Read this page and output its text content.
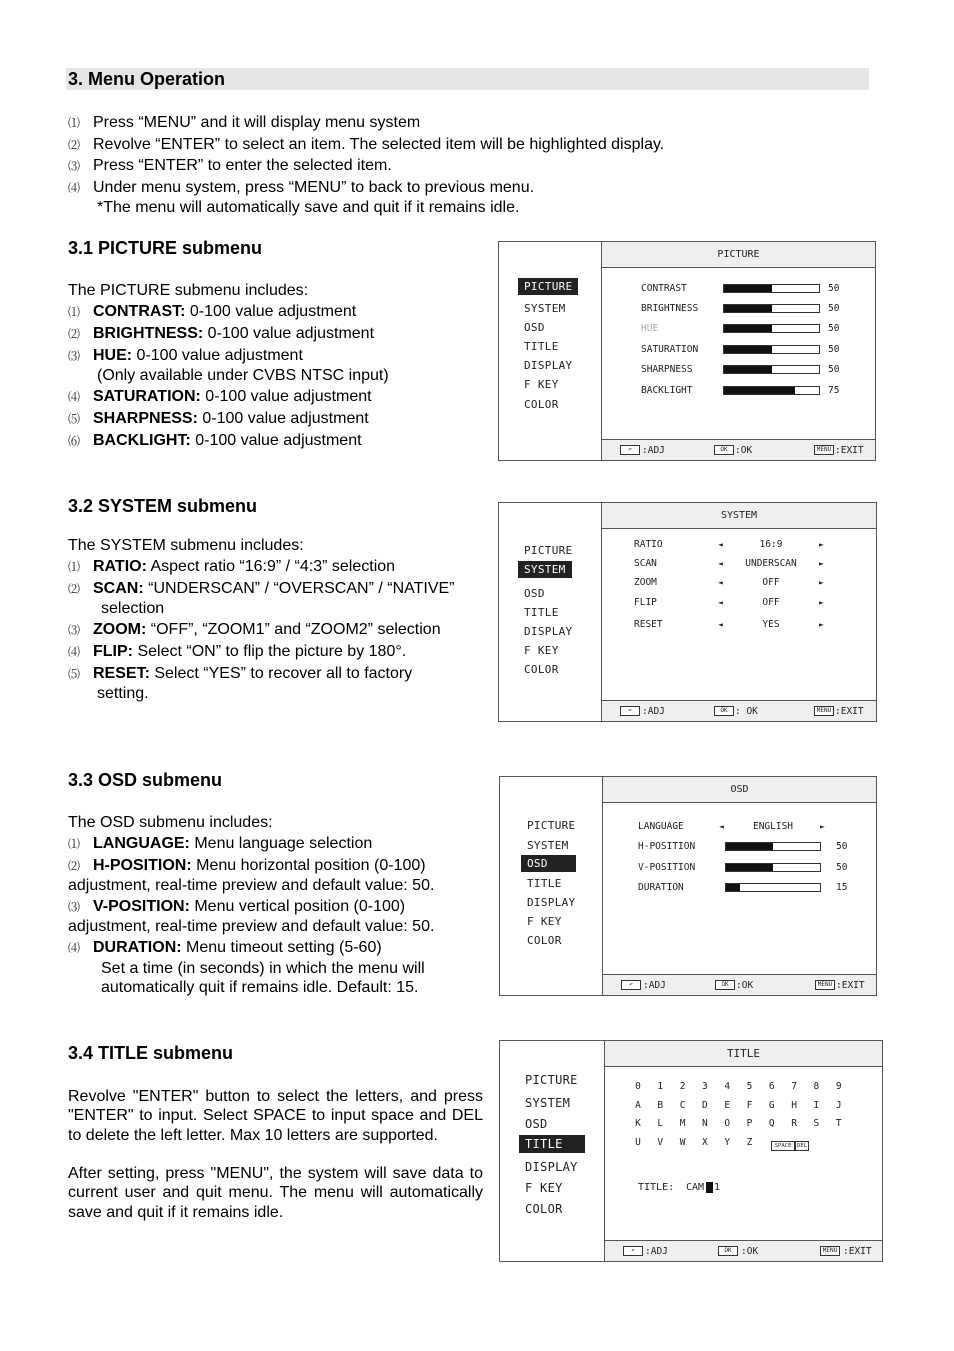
3. Menu Operation
⑴ Press “MENU” and it will display menu system
⑵ Revolve “ENTER” to select an item. The selected item will be highlighted display.
⑶ Press “ENTER” to enter the selected item.
⑷ Under menu system, press “MENU” to back to previous menu.
*The menu will automatically save and quit if it remains idle.
3.1 PICTURE submenu
The PICTURE submenu includes:
⑴ CONTRAST: 0-100 value adjustment
⑵ BRIGHTNESS: 0-100 value adjustment
⑶ HUE: 0-100 value adjustment
(Only available under CVBS NTSC input)
⑷ SATURATION: 0-100 value adjustment
⑸ SHARPNESS: 0-100 value adjustment
⑹ BACKLIGHT: 0-100 value adjustment
PICTURE
SYSTEM
OSD
TITLE
DISPLAY
F KEY
COLOR
PICTURE
CONTRAST	50
BRIGHTNESS	50
HUE	50
SATURATION	50
SHARPNESS	50
BACKLIGHT	75
↶	:ADJ	OK :OK	MENU :EXIT
3.2 SYSTEM submenu
The SYSTEM submenu includes:
⑴ RATIO: Aspect ratio “16:9” / “4:3” selection
⑵ SCAN: “UNDERSCAN” / “OVERSCAN” / “NATIVE”
selection
⑶ ZOOM: “OFF”, “ZOOM1” and “ZOOM2” selection
⑷ FLIP: Select “ON” to flip the picture by 180°.
⑸ RESET: Select “YES” to recover all to factory
setting.
PICTURE
SYSTEM
OSD
TITLE
DISPLAY
F KEY
COLOR
SYSTEM
RATIO	◄	16:9	►
SCAN	◄	UNDERSCAN	►
ZOOM	◄	OFF	►
FLIP	◄	OFF	►
RESET	◄	YES	►
↶	:ADJ	OK : OK	MENU :EXIT
3.3 OSD submenu
The OSD submenu includes:
⑴ LANGUAGE: Menu language selection
⑵ H-POSITION: Menu horizontal position (0-100)
adjustment, real-time preview and default value: 50.
⑶ V-POSITION: Menu vertical position (0-100)
adjustment, real-time preview and default value: 50.
⑷ DURATION: Menu timeout setting (5-60)
Set a time (in seconds) in which the menu will
automatically quit if remains idle. Default: 15.
PICTURE
SYSTEM
OSD
TITLE
DISPLAY
F KEY
COLOR
OSD
LANGUAGE	◄	ENGLISH	►
H-POSITION	50
V-POSITION	50
DURATION	15
↶	:ADJ	OK :OK	MENU :EXIT
3.4 TITLE submenu
Revolve "ENTER" button to select the letters, and press "ENTER" to input. Select SPACE to input space and DEL to delete the left letter. Max 10 letters are supported.
After setting, press "MENU", the system will save data to current user and quit menu. The menu will automatically save and quit if it remains idle.
PICTURE
SYSTEM
OSD
TITLE
DISPLAY
F KEY
COLOR
TITLE
0	1	2	3	4	5	6	7	8	9
A	B	C	D	E	F	G	H	I	J
K	L	M	N	O	P	Q	R	S	T
U	V	W	X	Y	Z	SPACE	DEL
TITLE: CAM 1
↶	:ADJ	OK :OK	MENU :EXIT
